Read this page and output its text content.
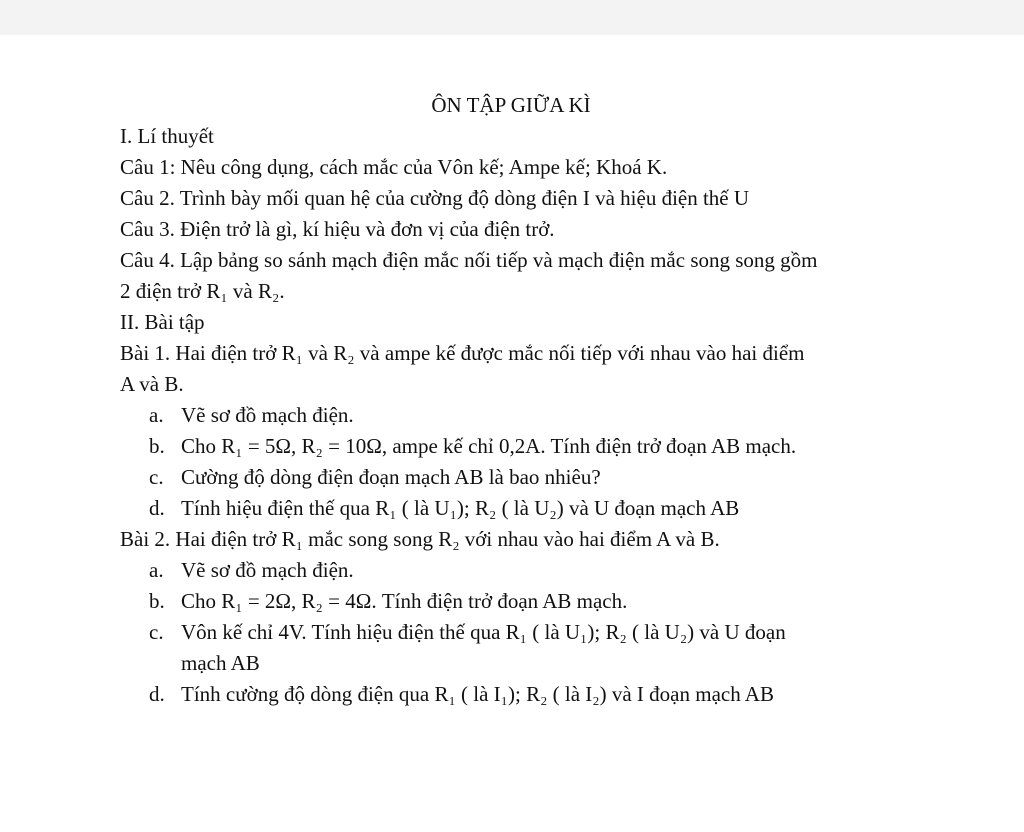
ÔN TẬP GIỮA KÌ

I. Lí thuyết

Câu 1: Nêu công dụng, cách mắc của Vôn kế; Ampe kế; Khoá K.

Câu 2. Trình bày mối quan hệ của cường độ dòng điện I và hiệu điện thế U

Câu 3. Điện trở là gì, kí hiệu và đơn vị của điện trở.

Câu 4. Lập bảng so sánh mạch điện mắc nối tiếp và mạch điện mắc song song gồm

2 điện trở R₁ và R₂.

II. Bài tập

Bài 1. Hai điện trở R₁ và R₂ và ampe kế được mắc nối tiếp với nhau vào hai điểm

A và B.

a. Vẽ sơ đồ mạch điện.
b. Cho R₁ = 5Ω, R₂ = 10Ω, ampe kế chỉ 0,2A. Tính điện trở đoạn AB mạch.
c. Cường độ dòng điện đoạn mạch AB là bao nhiêu?
d. Tính hiệu điện thế qua R₁ ( là U₁); R₂ ( là U₂) và U đoạn mạch AB

Bài 2. Hai điện trở R₁ mắc song song R₂ với nhau vào hai điểm A và B.

a. Vẽ sơ đồ mạch điện.
b. Cho R₁ = 2Ω, R₂ = 4Ω. Tính điện trở đoạn AB mạch.
c. Vôn kế chỉ 4V. Tính hiệu điện thế qua R₁ ( là U₁); R₂ ( là U₂) và U đoạn
mạch AB
d. Tính cường độ dòng điện qua R₁ ( là I₁); R₂ ( là I₂) và I đoạn mạch AB
